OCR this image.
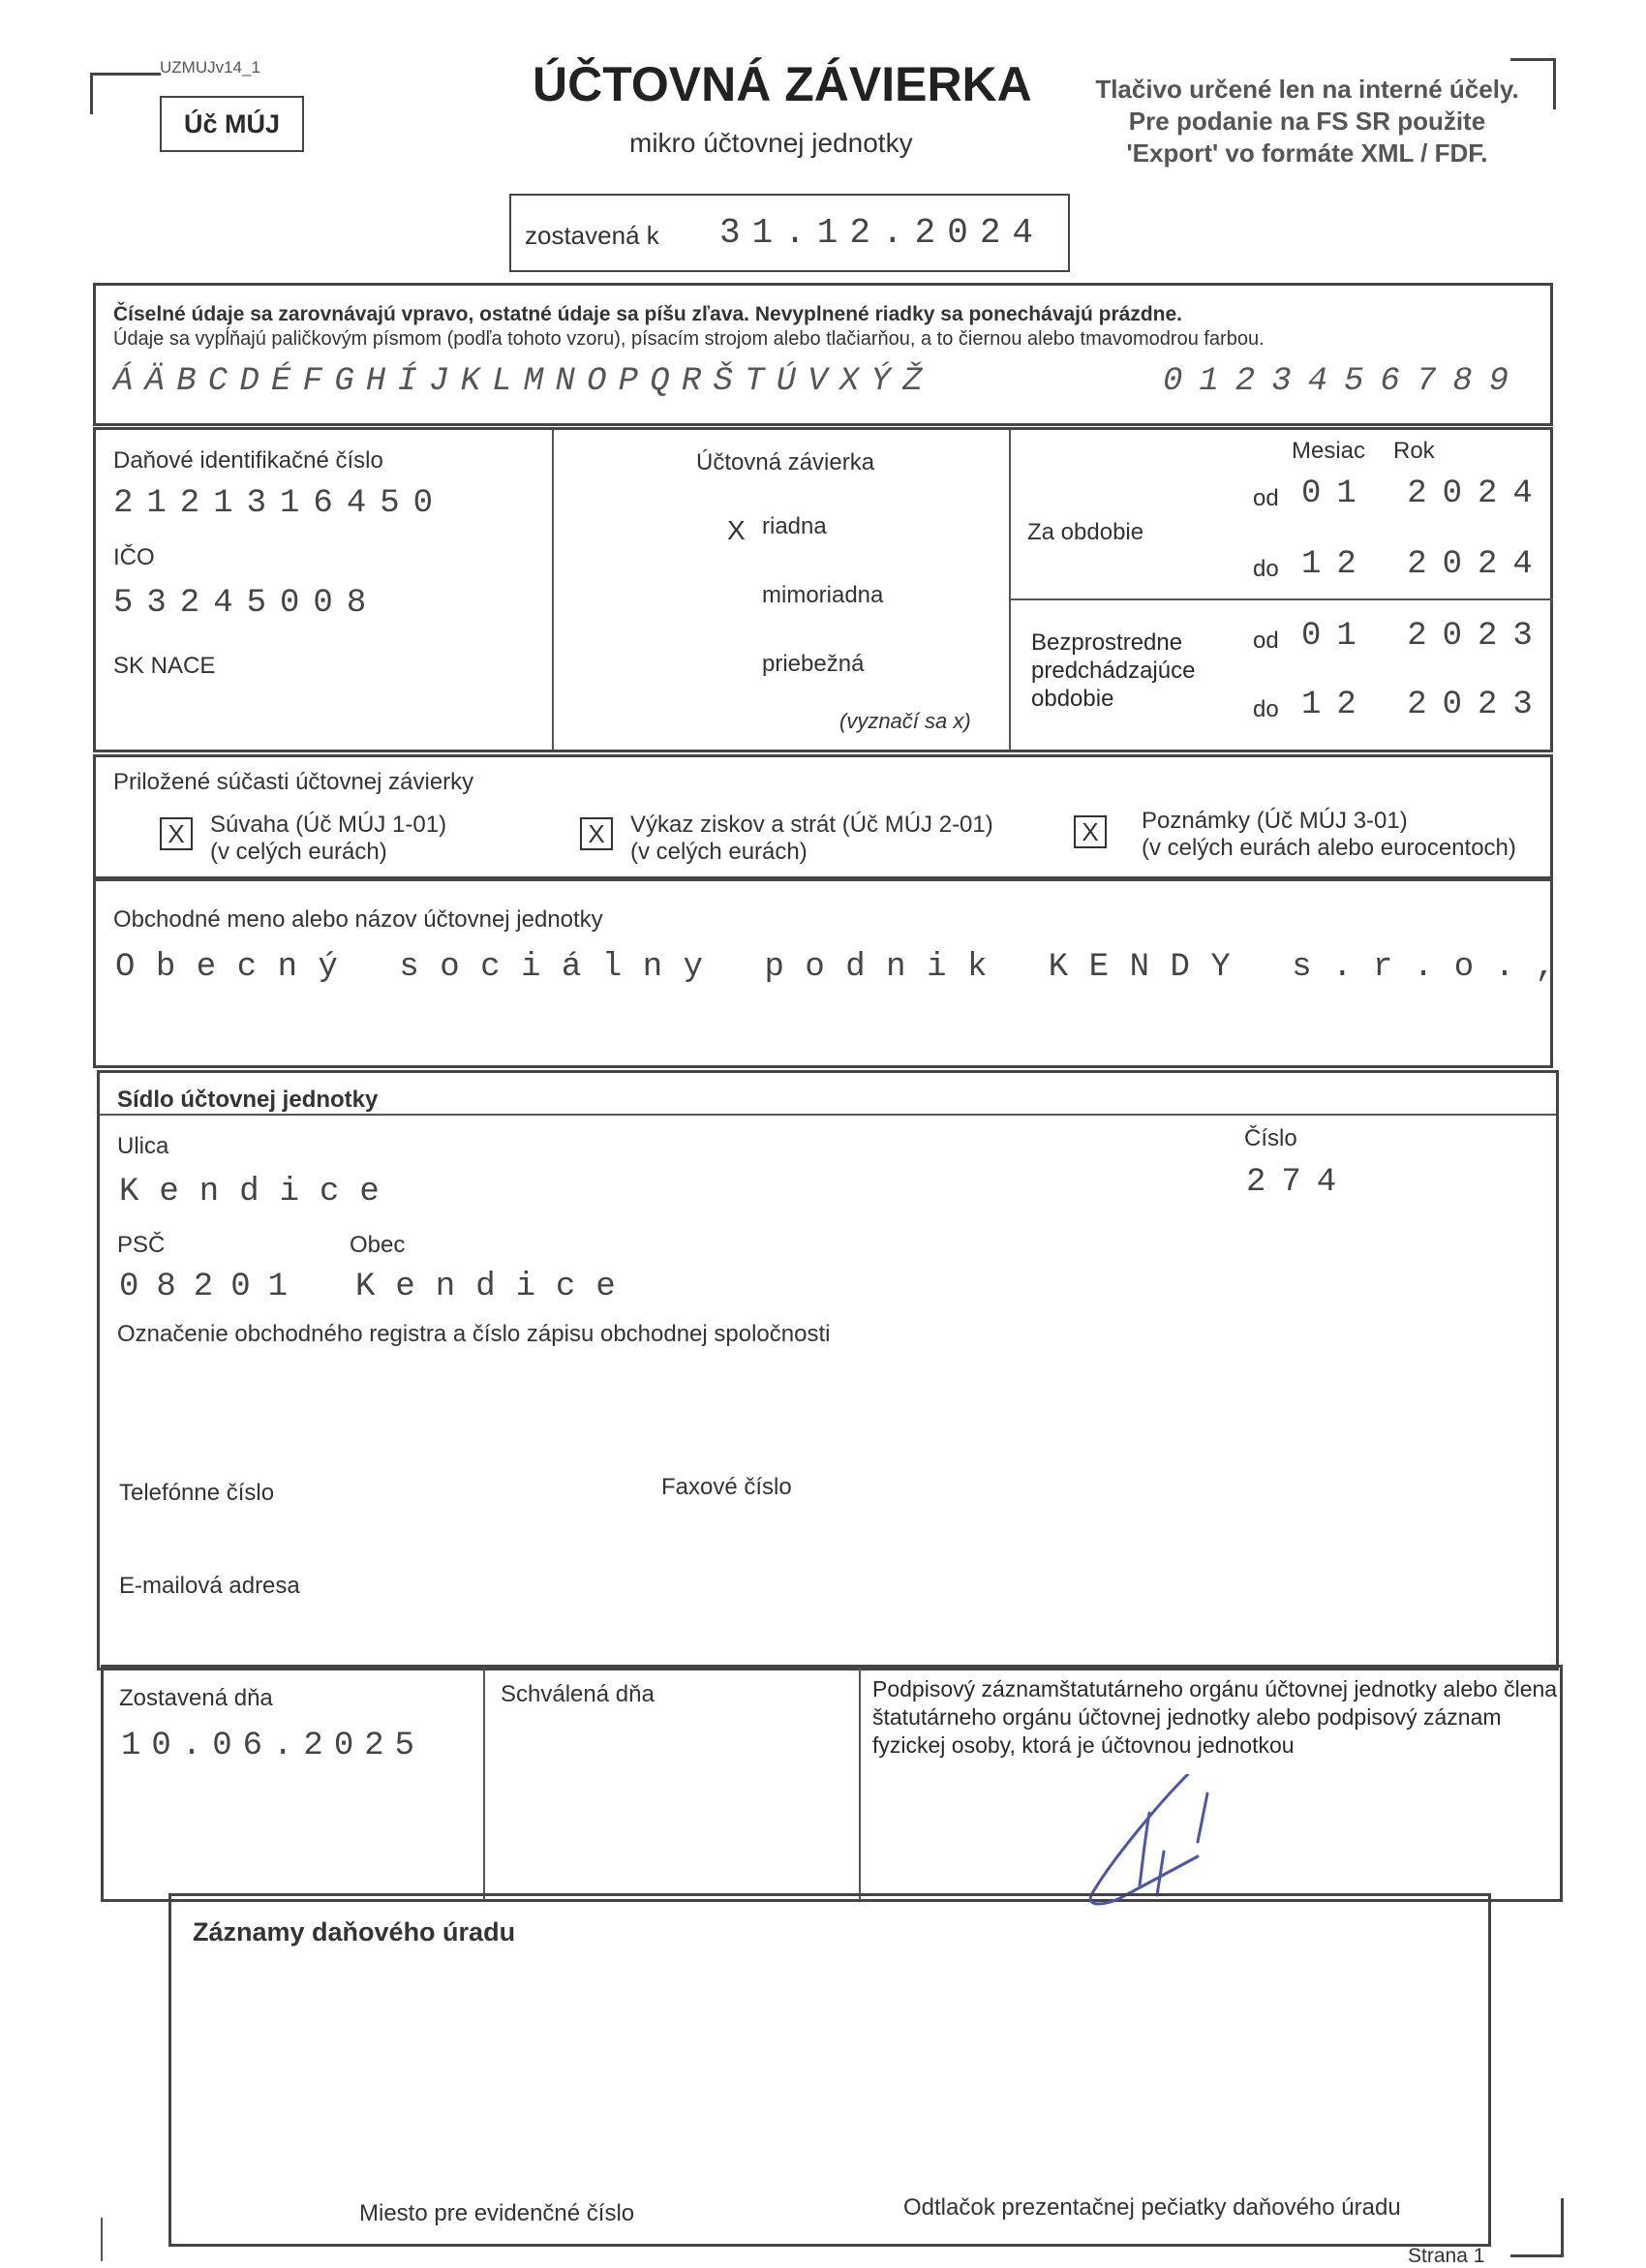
UZMUJv14_1
Úč MÚJ
ÚČTOVNÁ ZÁVIERKA
mikro účtovnej jednotky
Tlačivo určené len na interné účely.
Pre podanie na FS SR použite
'Export' vo formáte XML / FDF.
zostavená k 31.12.2024
Číselné údaje sa zarovnávajú vpravo, ostatné údaje sa píšu zľava. Nevyplnené riadky sa ponechávajú prázdne.
Údaje sa vypĺňajú paličkovým písmom (podľa tohoto vzoru), písacím strojom alebo tlačiarňou, a to čiernou alebo tmavomodrou farbou.
ÁÄBCDÉFGHÍJKLMNOPQRŠTÚVXÝŽ	0123456789
Daňové identifikačné číslo
2121316450
IČO
53245008
SK NACE
Účtovná závierka
X riadna
mimoriadna
priebežná
(vyznačí sa x)
Mesiac Rok
Za obdobie
od 01 2024
do 12 2024
Bezprostredne
predchádzajúce
obdobie
od 01 2023
do 12 2023
Priložené súčasti účtovnej závierky
X	Súvaha (Úč MÚJ 1-01)
(v celých eurách)
X	Výkaz ziskov a strát (Úč MÚJ 2-01)
(v celých eurách)
X	Poznámky (Úč MÚJ 3-01)
(v celých eurách alebo eurocentoch)
Obchodné meno alebo názov účtovnej jednotky
Obecný sociálny podnik KENDY s.r.o.,
Sídlo účtovnej jednotky
Ulica
Kendice
Číslo
274
PSČ
08201
Obec
Kendice
Označenie obchodného registra a číslo zápisu obchodnej spoločnosti
Telefónne číslo	Faxové číslo
E-mailová adresa
Zostavená dňa
10.06.2025
Schválená dňa	Podpisový záznamštatutárneho orgánu účtovnej jednotky alebo člena štatutárneho orgánu účtovnej jednotky alebo podpisový záznam fyzickej osoby, ktorá je účtovnou jednotkou
Záznamy daňového úradu
Miesto pre evidenčné číslo	Odtlačok prezentačnej pečiatky daňového úradu
Strana 1
